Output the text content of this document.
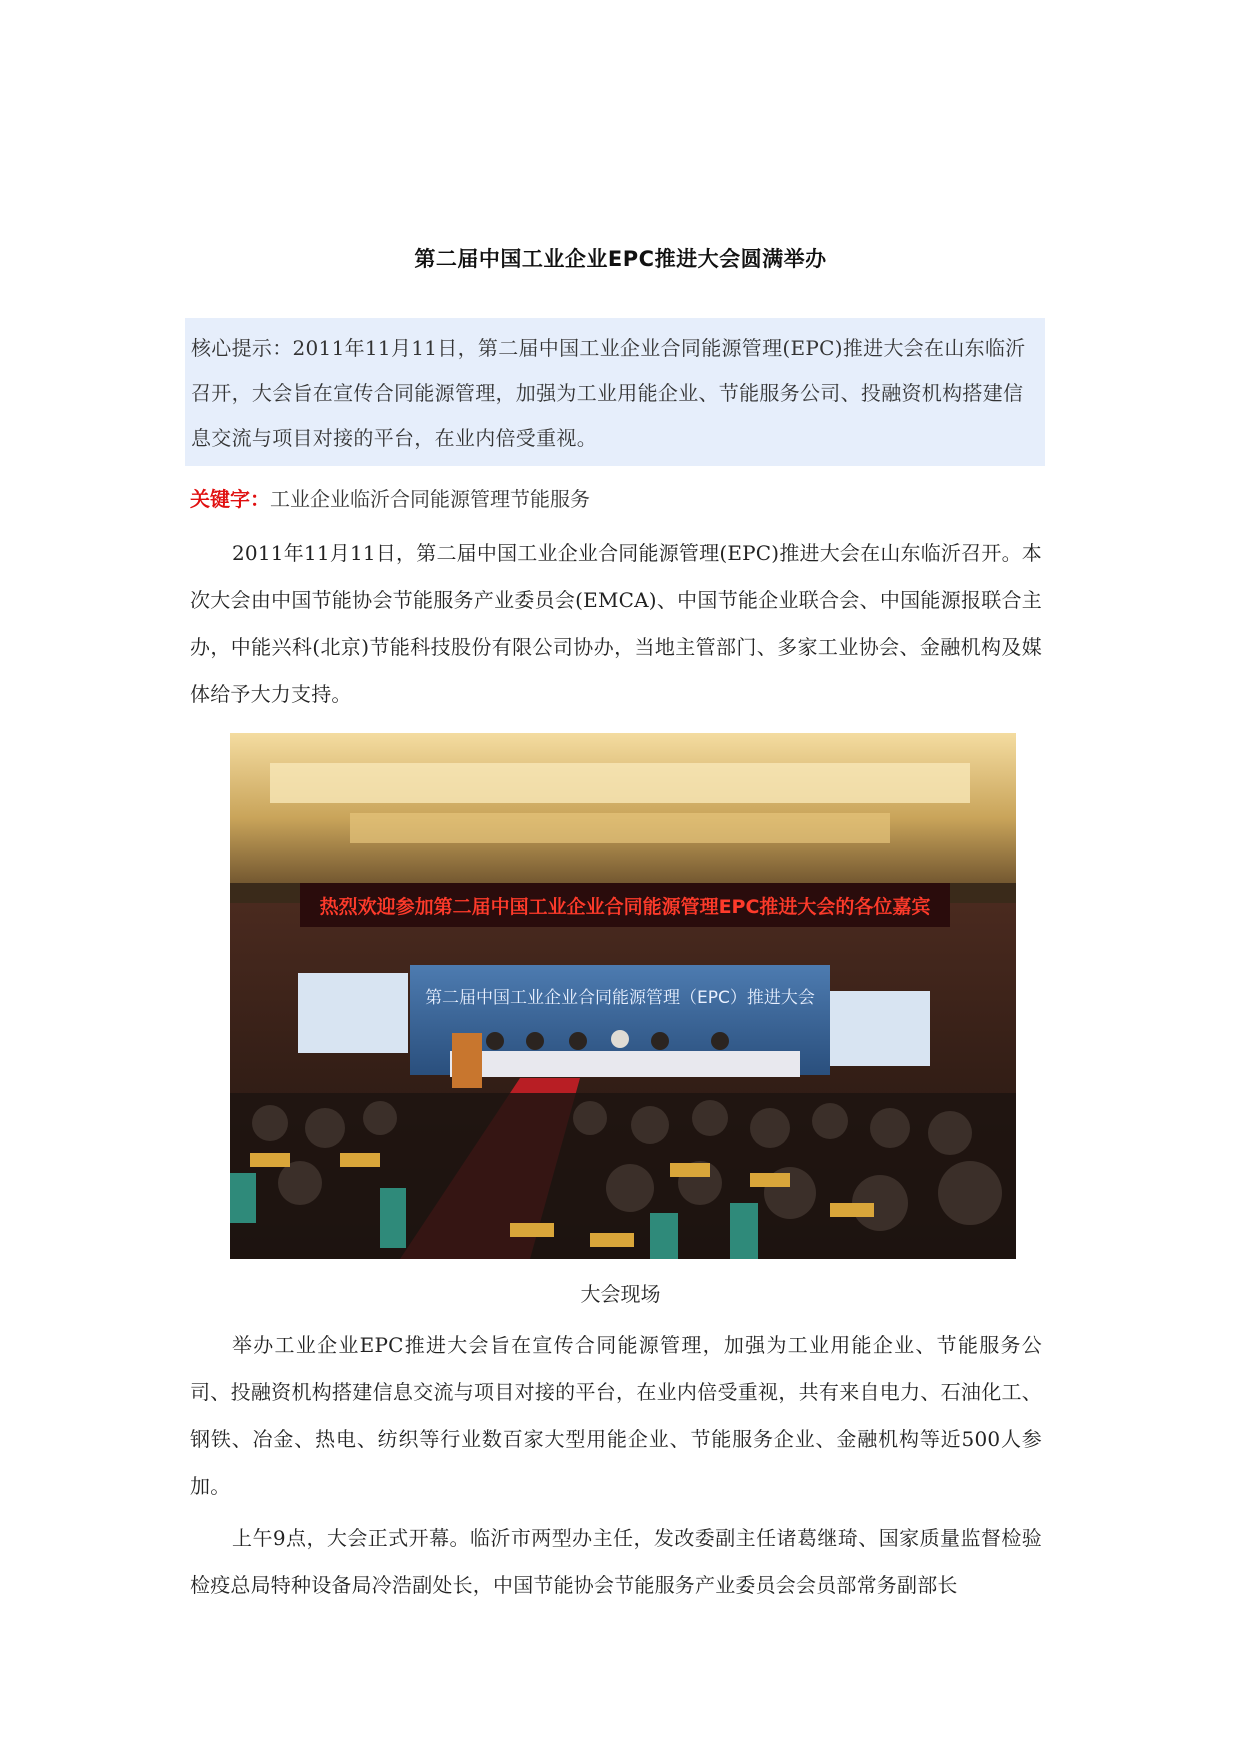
第二届中国工业企业EPC推进大会圆满举办
核心提示：2011年11月11日，第二届中国工业企业合同能源管理(EPC)推进大会在山东临沂召开，大会旨在宣传合同能源管理，加强为工业用能企业、节能服务公司、投融资机构搭建信息交流与项目对接的平台，在业内倍受重视。
关键字：工业企业临沂合同能源管理节能服务
2011年11月11日，第二届中国工业企业合同能源管理(EPC)推进大会在山东临沂召开。本次大会由中国节能协会节能服务产业委员会(EMCA)、中国节能企业联合会、中国能源报联合主办，中能兴科(北京)节能科技股份有限公司协办，当地主管部门、多家工业协会、金融机构及媒体给予大力支持。
热烈欢迎参加第二届中国工业企业合同能源管理EPC推进大会的各位嘉宾
第二届中国工业企业合同能源管理（EPC）推进大会
大会现场
举办工业企业EPC推进大会旨在宣传合同能源管理，加强为工业用能企业、节能服务公司、投融资机构搭建信息交流与项目对接的平台，在业内倍受重视，共有来自电力、石油化工、钢铁、冶金、热电、纺织等行业数百家大型用能企业、节能服务企业、金融机构等近500人参加。
上午9点，大会正式开幕。临沂市两型办主任，发改委副主任诸葛继琦、国家质量监督检验检疫总局特种设备局冷浩副处长，中国节能协会节能服务产业委员会会员部常务副部长
